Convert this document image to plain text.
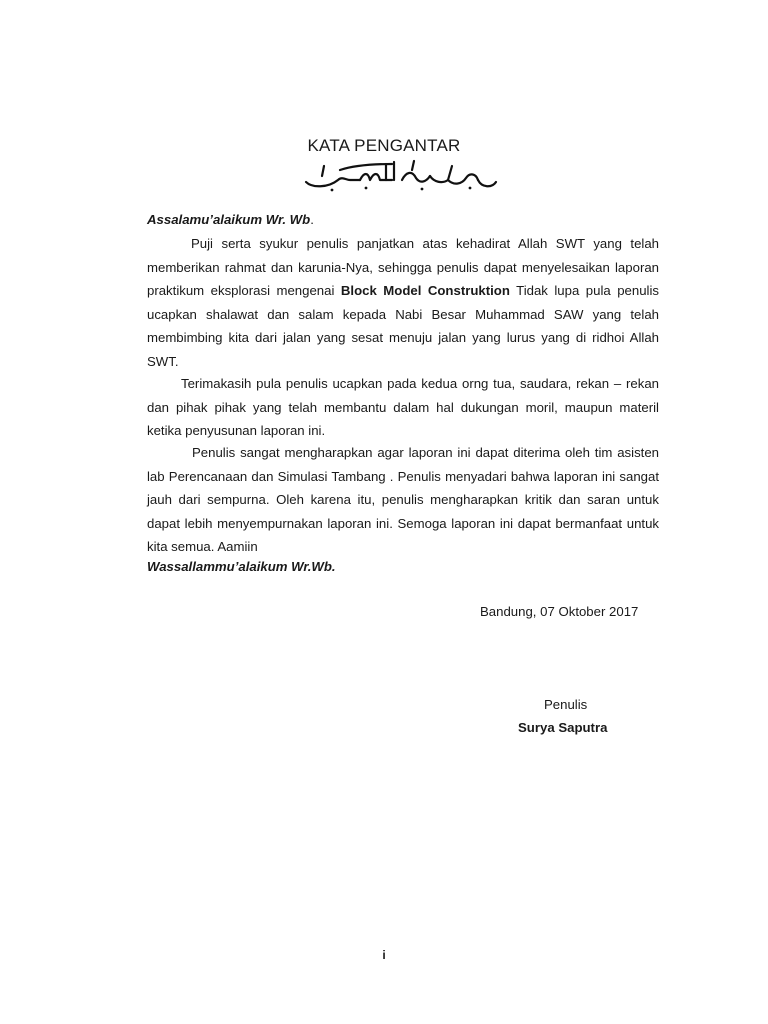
KATA PENGANTAR
Assalamu’alaikum Wr. Wb.

Puji serta syukur penulis panjatkan atas kehadirat Allah SWT yang telah memberikan rahmat dan karunia-Nya, sehingga penulis dapat menyelesaikan laporan praktikum eksplorasi mengenai Block Model Construktion Tidak lupa pula penulis ucapkan shalawat dan salam kepada Nabi Besar Muhammad SAW yang telah membimbing kita dari jalan yang sesat menuju jalan yang lurus yang di ridhoi Allah SWT.

Terimakasih pula penulis ucapkan pada kedua orng tua, saudara, rekan – rekan dan pihak pihak yang telah membantu dalam hal dukungan moril, maupun materil ketika penyusunan laporan ini.

Penulis sangat mengharapkan agar laporan ini dapat diterima oleh tim asisten lab Perencanaan dan Simulasi Tambang . Penulis menyadari bahwa laporan ini sangat jauh dari sempurna. Oleh karena itu, penulis mengharapkan kritik dan saran untuk dapat lebih menyempurnakan laporan ini. Semoga laporan ini dapat bermanfaat untuk kita semua. Aamiin

Wassallammu’alaikum Wr.Wb.
Bandung, 07 Oktober 2017
Penulis
Surya Saputra
i
